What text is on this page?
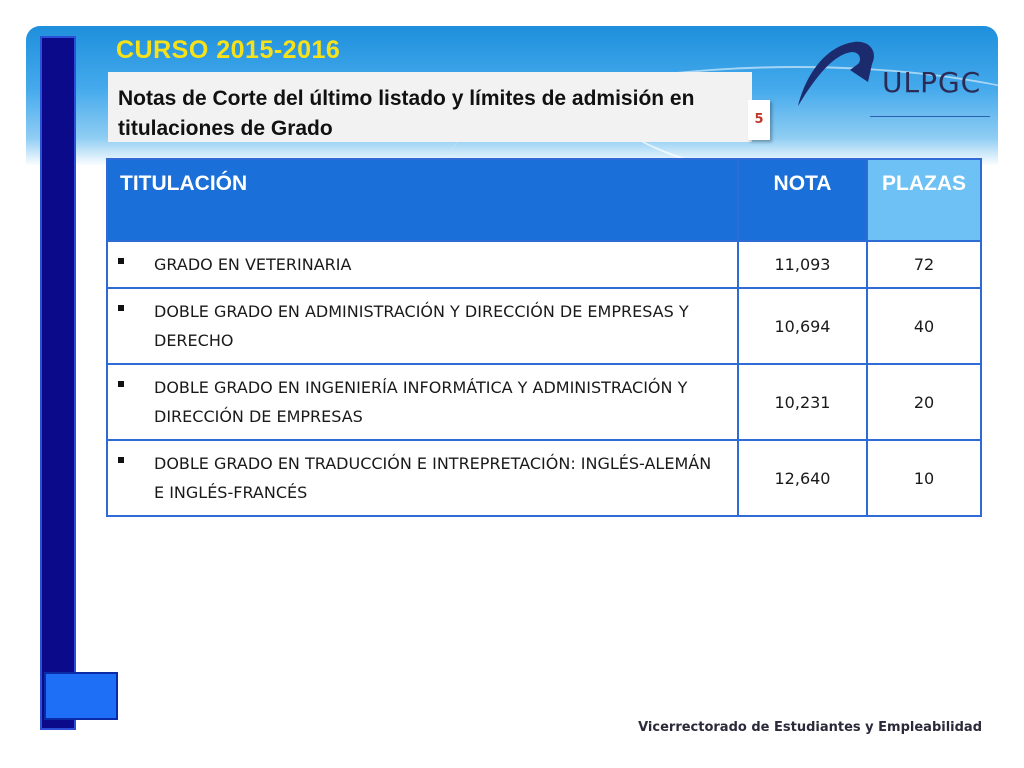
CURSO 2015-2016
Notas de Corte del último listado y límites de admisión en titulaciones de Grado	5
ULPGC
TITULACIÓN	NOTA	PLAZAS

GRADO EN VETERINARIA	11,093	72

DOBLE GRADO EN ADMINISTRACIÓN Y DIRECCIÓN DE EMPRESAS Y DERECHO	10,694	40

DOBLE GRADO EN INGENIERÍA INFORMÁTICA Y ADMINISTRACIÓN Y DIRECCIÓN DE EMPRESAS	10,231	20

DOBLE GRADO EN TRADUCCIÓN E INTREPRETACIÓN: INGLÉS-ALEMÁN E INGLÉS-FRANCÉS	12,640	10

Vicerrectorado de Estudiantes y Empleabilidad
